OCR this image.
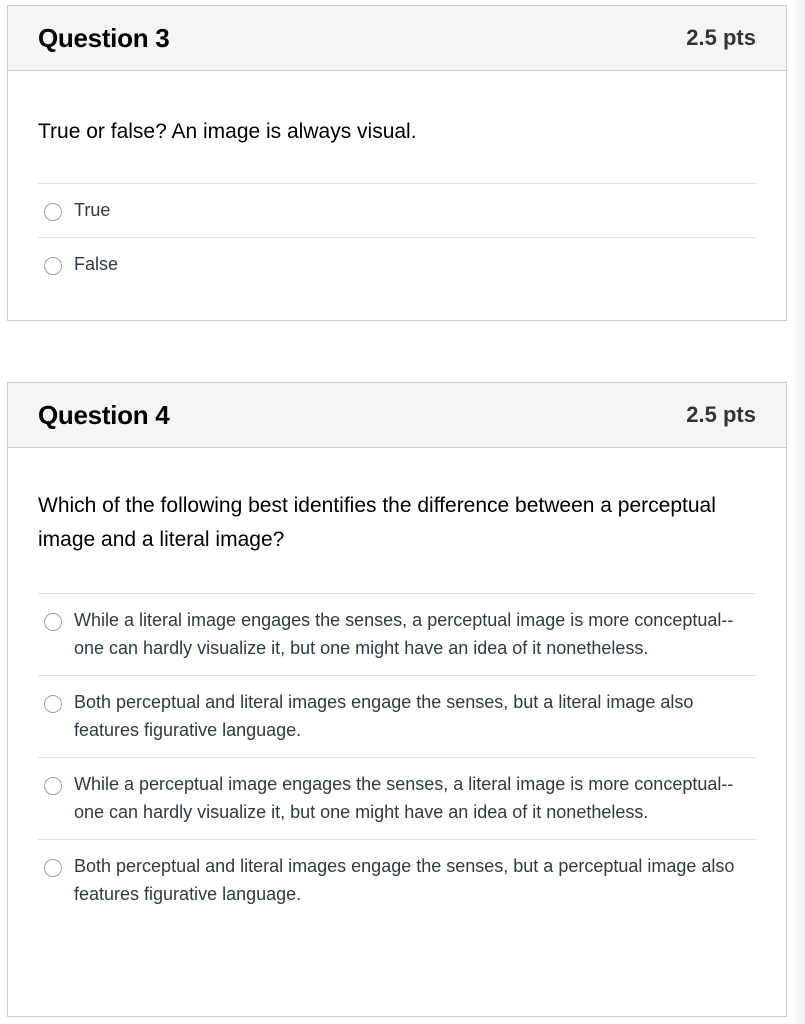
Question 3	2.5 pts

True or false? An image is always visual.

True
False
Question 4	2.5 pts

Which of the following best identifies the difference between a perceptual image and a literal image?

While a literal image engages the senses, a perceptual image is more conceptual--one can hardly visualize it, but one might have an idea of it nonetheless.
Both perceptual and literal images engage the senses, but a literal image also features figurative language.
While a perceptual image engages the senses, a literal image is more conceptual--one can hardly visualize it, but one might have an idea of it nonetheless.
Both perceptual and literal images engage the senses, but a perceptual image also features figurative language.
